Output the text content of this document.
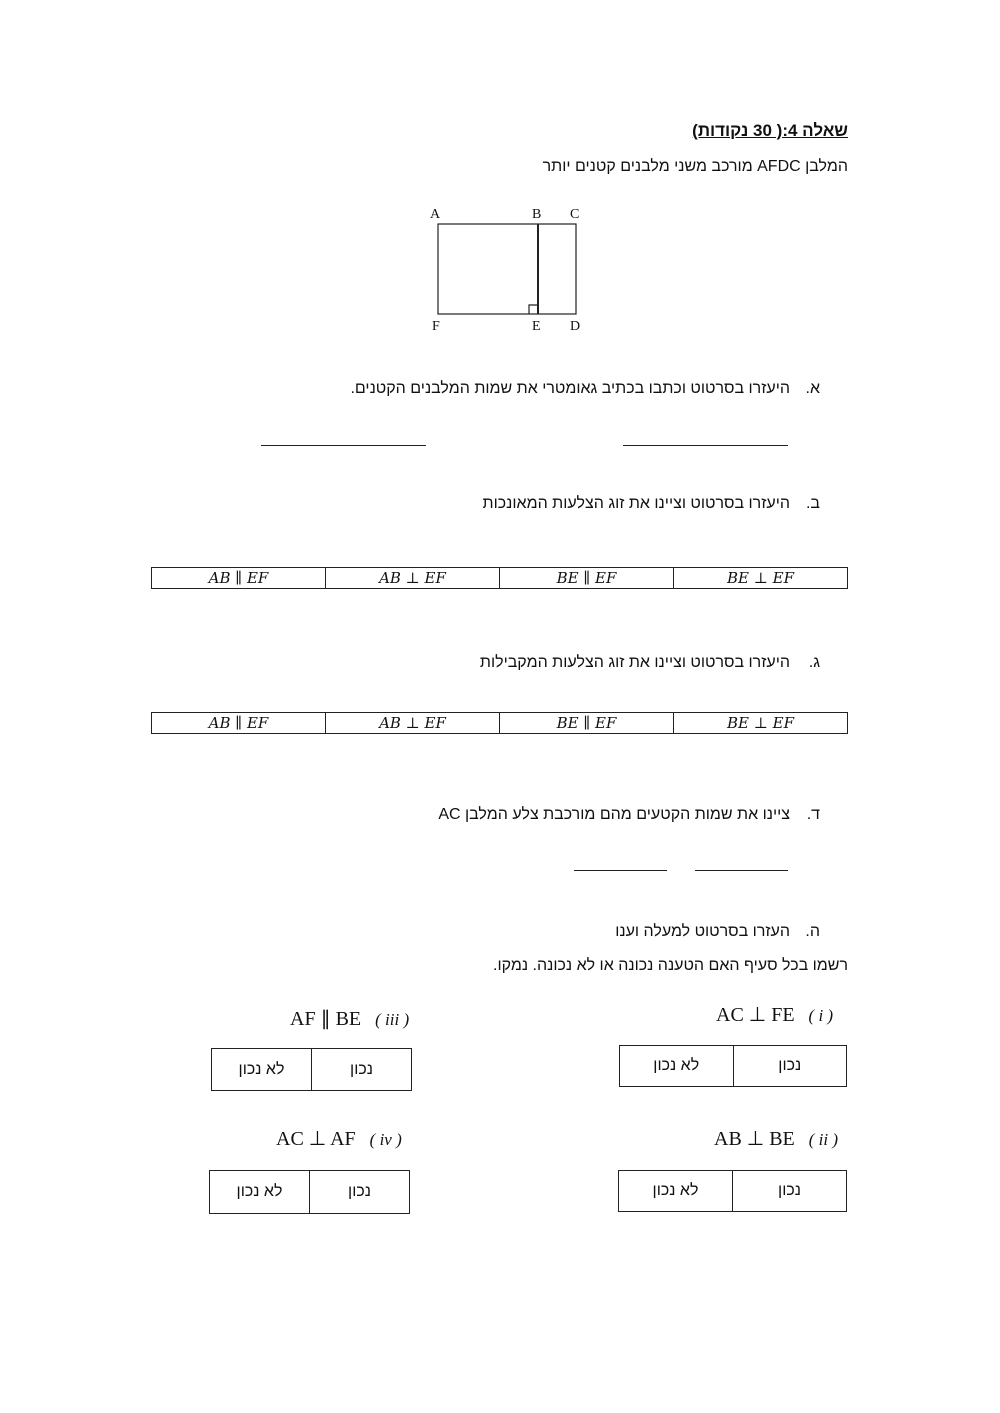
שאלה 4:( 30 נקודות)
המלבן AFDC מורכב משני מלבנים קטנים יותר
A	B C
F	E D
א.היעזרו בסרטוט וכתבו בכתיב גאומטרי את שמות המלבנים הקטנים.
ב.היעזרו בסרטוט וציינו את זוג הצלעות המאונכות
AB ∥ EF	AB ⊥ EF	BE ∥ EF	BE ⊥ EF
ג.היעזרו בסרטוט וציינו את זוג הצלעות המקבילות
AB ∥ EF	AB ⊥ EF	BE ∥ EF	BE ⊥ EF
ד.ציינו את שמות הקטעים מהם מורכבת צלע המלבן AC
ה.העזרו בסרטוט למעלה וענו
רשמו בכל סעיף האם הטענה נכונה או לא נכונה. נמקו.
AC ⊥ FE ( i )
לא נכון	נכון
AF ∥ BE ( iii )
לא נכון	נכון
AB ⊥ BE ( ii )
לא נכון	נכון
AC ⊥ AF ( iv )
לא נכון	נכון
